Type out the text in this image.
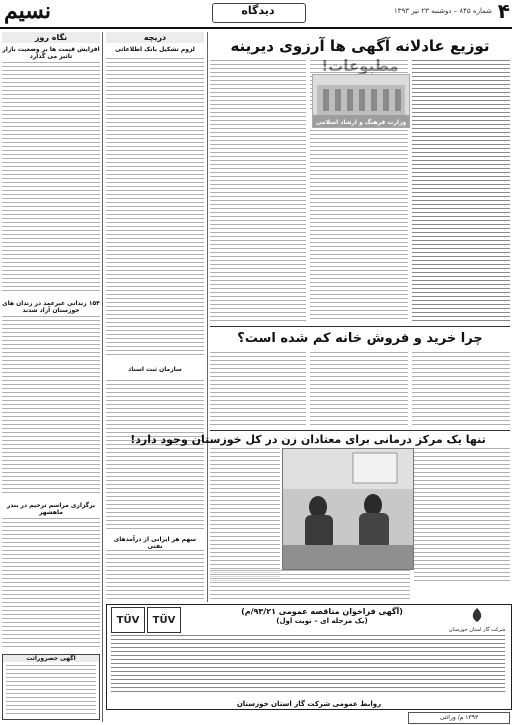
۴
شماره ۸۴۵ – دوشنبه ۲۳ تیر ۱۳۹۳
دیدگاه
نسیم
نگاه روز
افزایش قیمت ها بر وضعیت بازار تاثیر می گذارد
۱۵۴ زندانی غیرعمد در زندان های خوزستان آزاد شدند
برگزاری مراسم ترحیم در بندر ماهشهر
آگهی حصروراثت
دریچه
لزوم تشکیل بانک اطلاعاتی
سازمان ثبت اسناد
سهم هر ایرانی از درآمدهای نفتی
توزیع عادلانه آگهی ها آرزوی دیرینه
وزارت فرهنگ و ارشاد اسلامی
چرا خرید و فروش خانه کم شده است؟
تنها یک مرکز درمانی برای معتادان زن در کل خوزستان وجود دارد!
TÜV	TÜV
(آگهی فراخوان مناقصه عمومی ۹۳/۲۱/م)
(یک مرحله ای – نوبت اول)
شرکت گاز استان خوزستان
روابط عمومی شرکت گاز استان خوزستان
۱۳۹۳ م/ وراثتی
